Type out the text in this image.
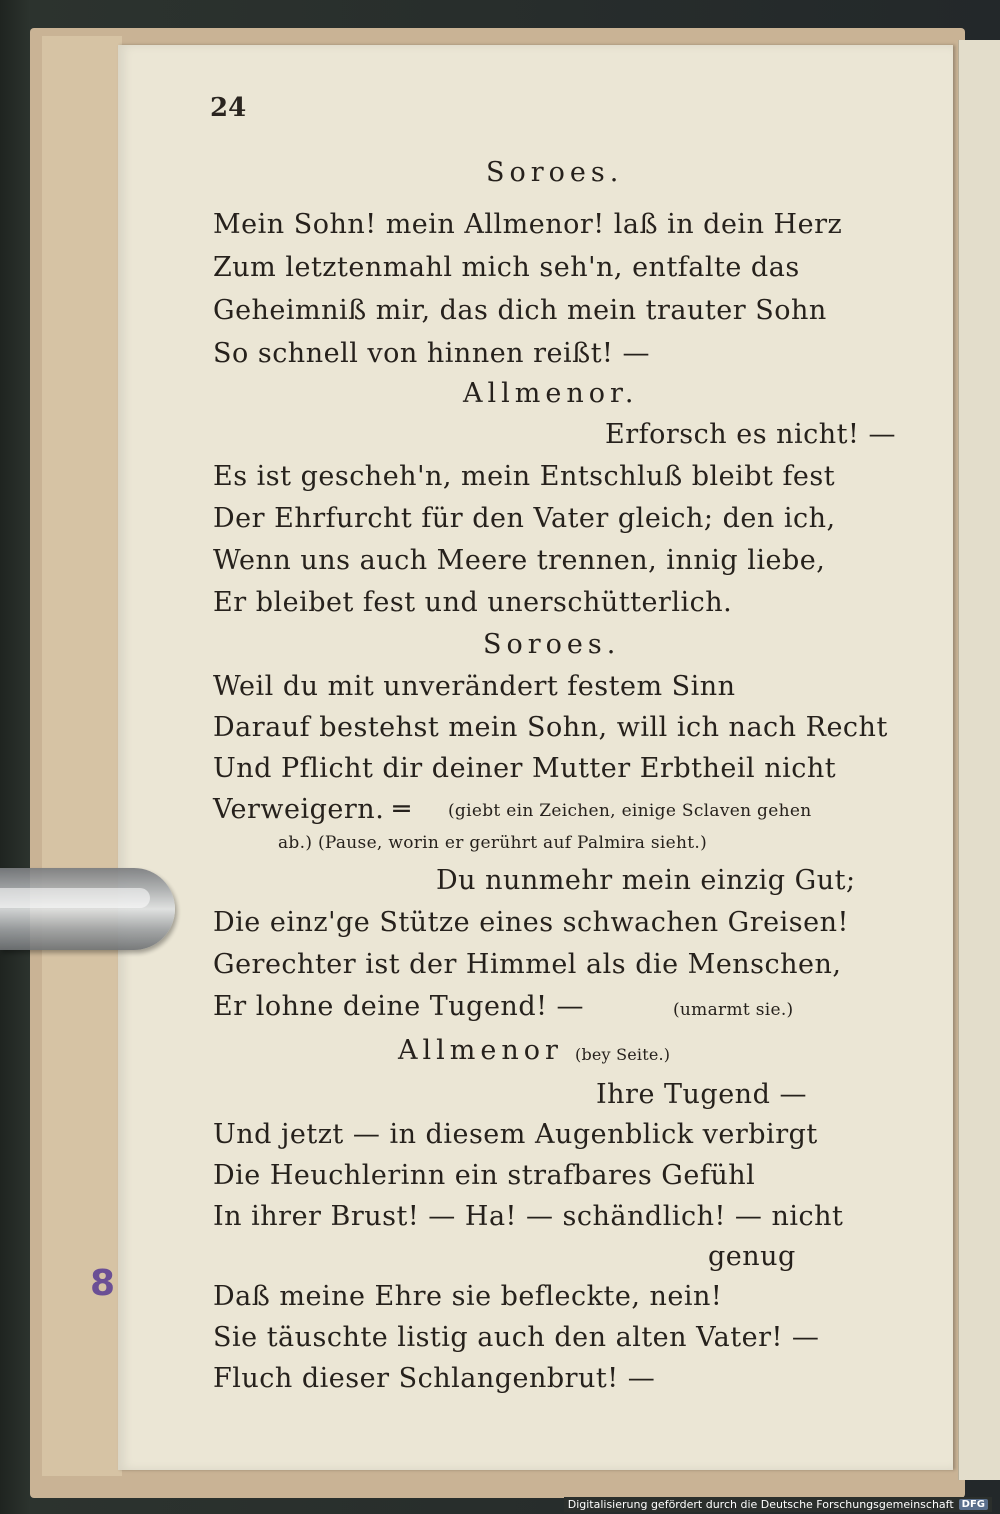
24
Soroes.
Mein Sohn! mein Allmenor! laß in dein Herz
Zum letztenmahl mich seh'n, entfalte das
Geheimniß mir, das dich mein trauter Sohn
So schnell von hinnen reißt! —
Allmenor.
Erforsch es nicht! —
Es ist gescheh'n, mein Entschluß bleibt fest
Der Ehrfurcht für den Vater gleich; den ich,
Wenn uns auch Meere trennen, innig liebe,
Er bleibet fest und unerschütterlich.
Soroes.
Weil du mit unverändert festem Sinn
Darauf bestehst mein Sohn, will ich nach Recht
Und Pflicht dir deiner Mutter Erbtheil nicht
Verweigern. ═ (giebt ein Zeichen, einige Sclaven gehen
ab.) (Pause, worin er gerührt auf Palmira sieht.)
Du nunmehr mein einzig Gut;
Die einz'ge Stütze eines schwachen Greisen!
Gerechter ist der Himmel als die Menschen,
Er lohne deine Tugend! —	(umarmt sie.)
Allmenor (bey Seite.)
Ihre Tugend —
Und jetzt — in diesem Augenblick verbirgt
Die Heuchlerinn ein strafbares Gefühl
In ihrer Brust! — Ha! — schändlich! — nicht
genug
Daß meine Ehre sie befleckte, nein!
Sie täuschte listig auch den alten Vater! —
Fluch dieser Schlangenbrut! —
8
Digitalisierung gefördert durch die Deutsche Forschungsgemeinschaft DFG
